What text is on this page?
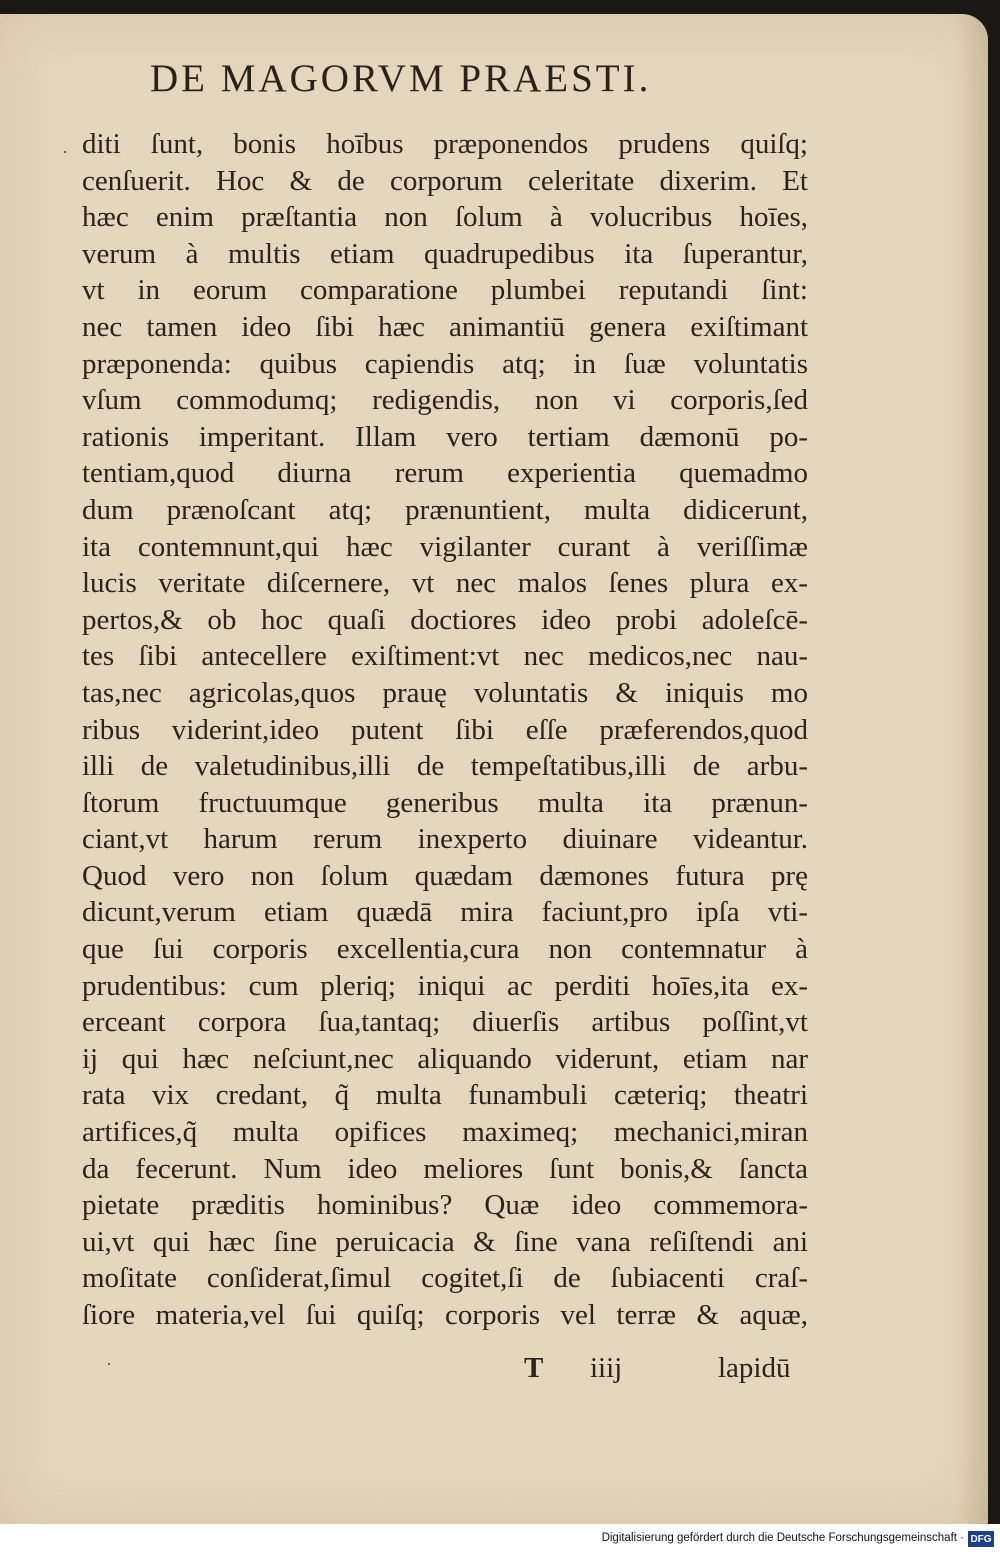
DE MAGORVM PRAESTI.
diti ſunt, bonis hoībus præponendos prudens quiſq;
cenſuerit. Hoc & de corporum celeritate dixerim. Et
hæc enim præſtantia non ſolum à volucribus hoīes,
verum à multis etiam quadrupedibus ita ſuperantur,
vt in eorum comparatione plumbei reputandi ſint:
nec tamen ideo ſibi hæc animantiū genera exiſtimant
præponenda: quibus capiendis atq; in ſuæ voluntatis
vſum commodumq; redigendis, non vi corporis,ſed
rationis imperitant. Illam vero tertiam dæmonū po-
tentiam,quod diurna rerum experientia quemadmo
dum prænoſcant atq; prænuntient, multa didicerunt,
ita contemnunt,qui hæc vigilanter curant à veriſſimæ
lucis veritate diſcernere, vt nec malos ſenes plura ex-
pertos,& ob hoc quaſi doctiores ideo probi adoleſcē-
tes ſibi antecellere exiſtiment:vt nec medicos,nec nau-
tas,nec agricolas,quos prauę voluntatis & iniquis mo
ribus viderint,ideo putent ſibi eſſe præferendos,quod
illi de valetudinibus,illi de tempeſtatibus,illi de arbu-
ſtorum fructuumque generibus multa ita prænun-
ciant,vt harum rerum inexperto diuinare videantur.
Quod vero non ſolum quædam dæmones futura prę
dicunt,verum etiam quædā mira faciunt,pro ipſa vti-
que ſui corporis excellentia,cura non contemnatur à
prudentibus: cum pleriq; iniqui ac perditi hoīes,ita ex-
erceant corpora ſua,tantaq; diuerſis artibus poſſint,vt
ij qui hæc neſciunt,nec aliquando viderunt, etiam nar
rata vix credant, q̃ multa funambuli cæteriq; theatri
artifices,q̃ multa opifices maximeq; mechanici,miran
da fecerunt. Num ideo meliores ſunt bonis,& ſancta
pietate præditis hominibus? Quæ ideo commemora-
ui,vt qui hæc ſine peruicacia & ſine vana reſiſtendi ani
moſitate conſiderat,ſimul cogitet,ſi de ſubiacenti craſ-
ſiore materia,vel ſui quiſq; corporis vel terræ & aquæ,
T iiij	lapidū
·
·
Digitalisierung gefördert durch die Deutsche Forschungsgemeinschaft · DFG
